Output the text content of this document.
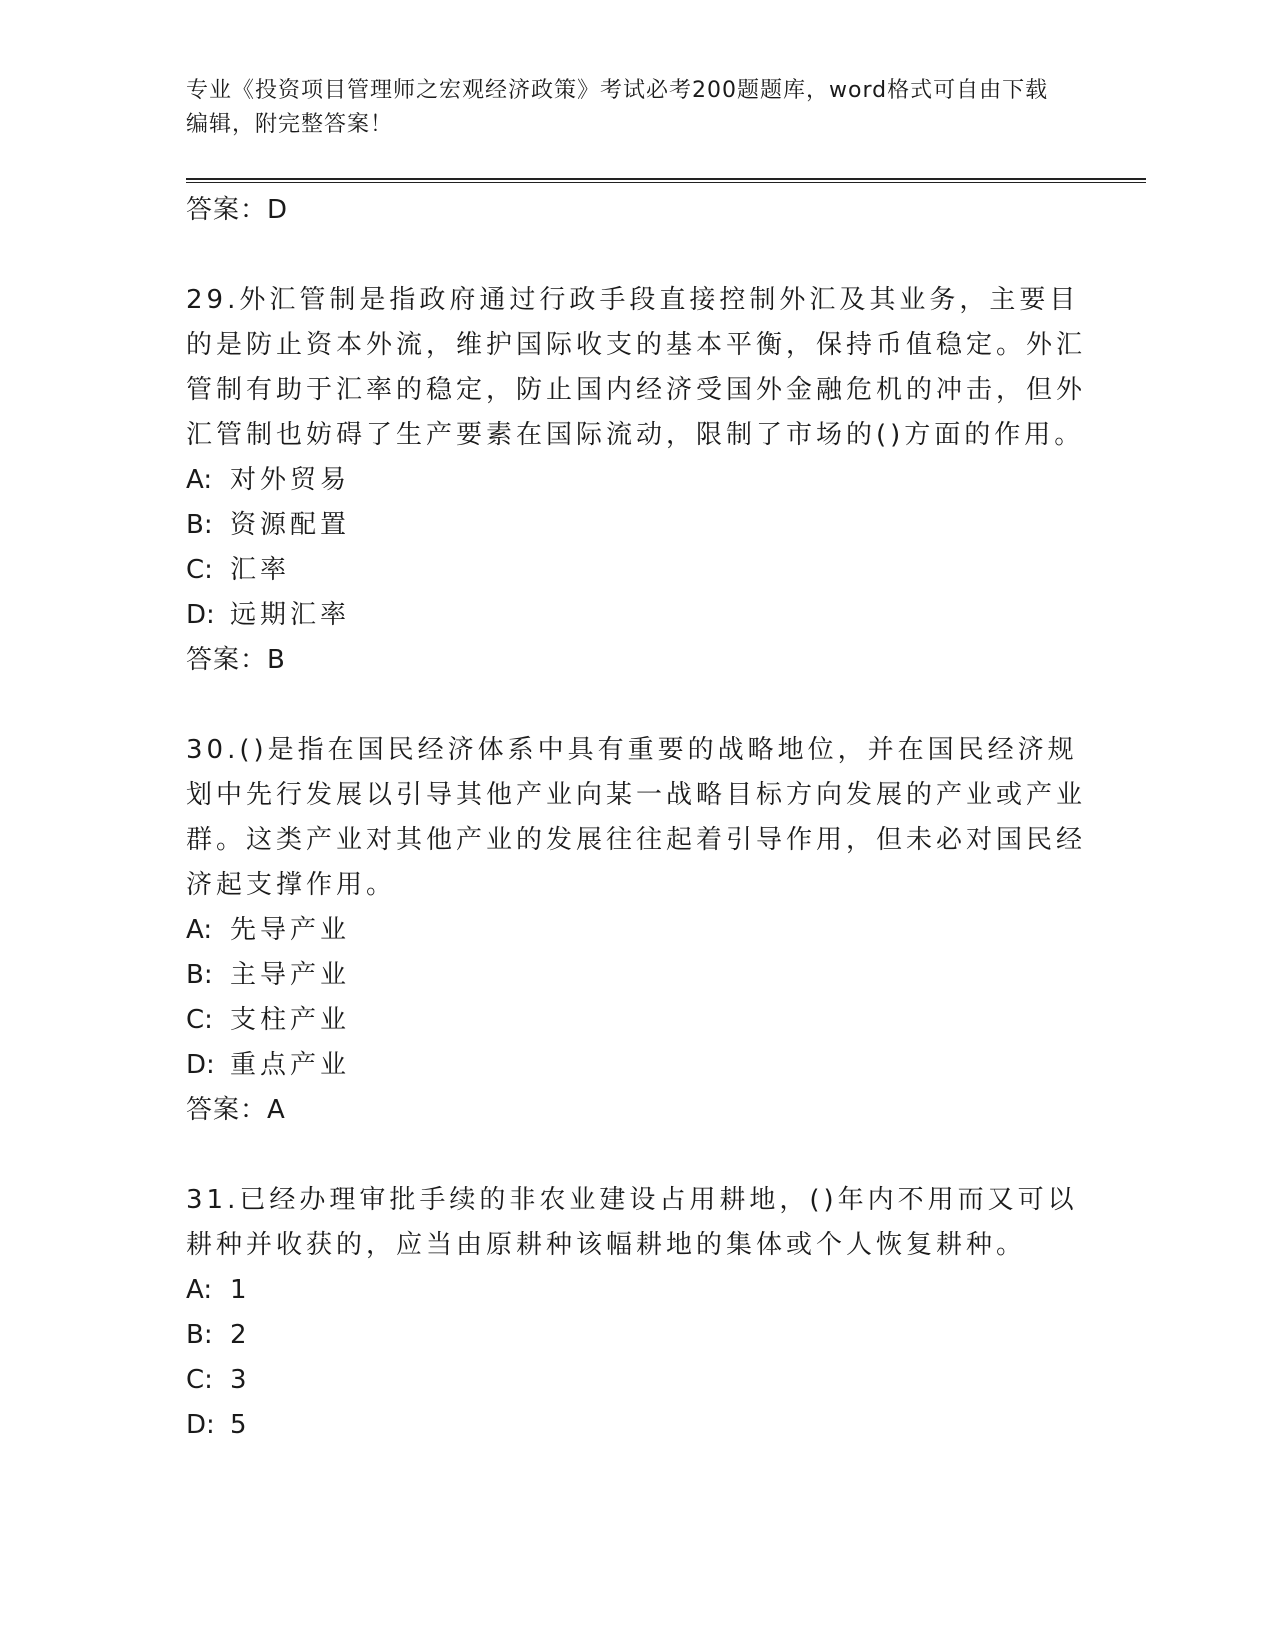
专业《投资项目管理师之宏观经济政策》考试必考200题题库，word格式可自由下载编辑，附完整答案！

答案：D

29.外汇管制是指政府通过行政手段直接控制外汇及其业务，主要目的是防止资本外流，维护国际收支的基本平衡，保持币值稳定。外汇管制有助于汇率的稳定，防止国内经济受国外金融危机的冲击，但外汇管制也妨碍了生产要素在国际流动，限制了市场的()方面的作用。

A: 对外贸易
B: 资源配置
C: 汇率
D: 远期汇率

答案：B

30.()是指在国民经济体系中具有重要的战略地位，并在国民经济规划中先行发展以引导其他产业向某一战略目标方向发展的产业或产业群。这类产业对其他产业的发展往往起着引导作用，但未必对国民经济起支撑作用。

A: 先导产业
B: 主导产业
C: 支柱产业
D: 重点产业

答案：A

31.已经办理审批手续的非农业建设占用耕地，()年内不用而又可以耕种并收获的，应当由原耕种该幅耕地的集体或个人恢复耕种。

A: 1
B: 2
C: 3
D: 5
